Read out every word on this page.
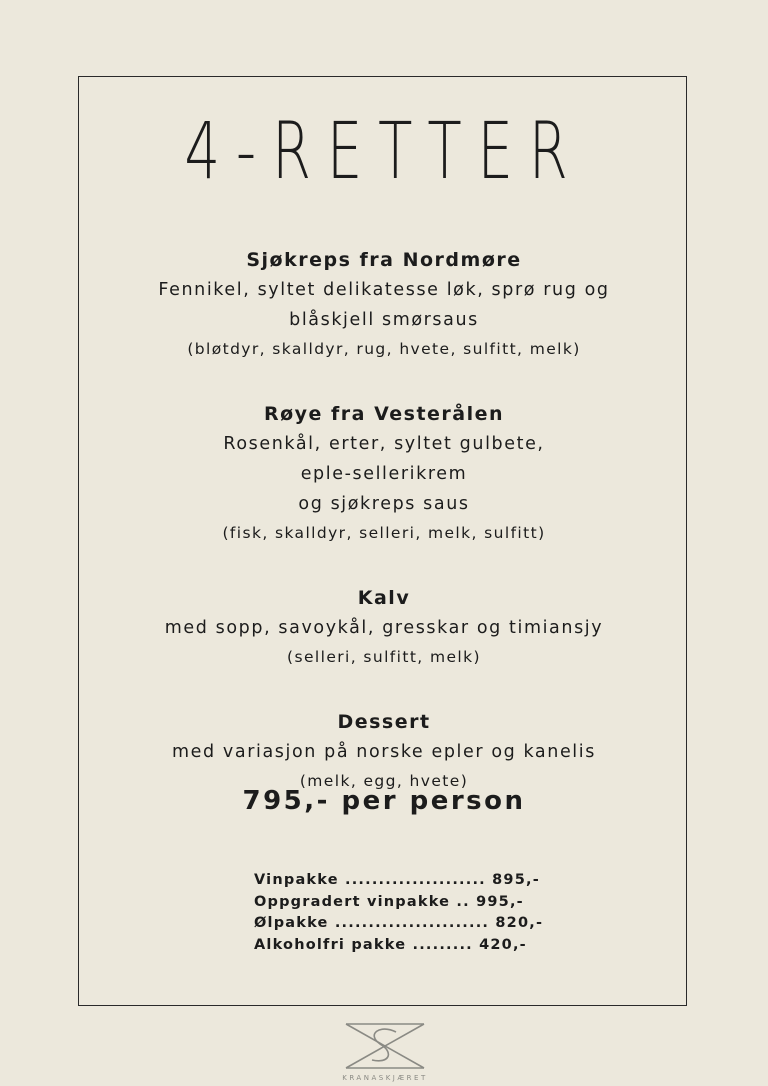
4-RETTER
Sjøkreps fra Nordmøre
Fennikel, syltet delikatesse løk, sprø rug og
blåskjell smørsaus
(bløtdyr, skalldyr, rug, hvete, sulfitt, melk)
Røye fra Vesterålen
Rosenkål, erter, syltet gulbete,
eple-sellerikrem
og sjøkreps saus
(fisk, skalldyr, selleri, melk, sulfitt)
Kalv
med sopp, savoykål, gresskar og timiansjy
(selleri, sulfitt, melk)
Dessert
med variasjon på norske epler og kanelis
(melk, egg, hvete)
795,- per person
Vinpakke ..................... 895,-
Oppgradert vinpakke .. 995,-
Ølpakke ....................... 820,-
Alkoholfri pakke ......... 420,-
KRANASKJÆRET
